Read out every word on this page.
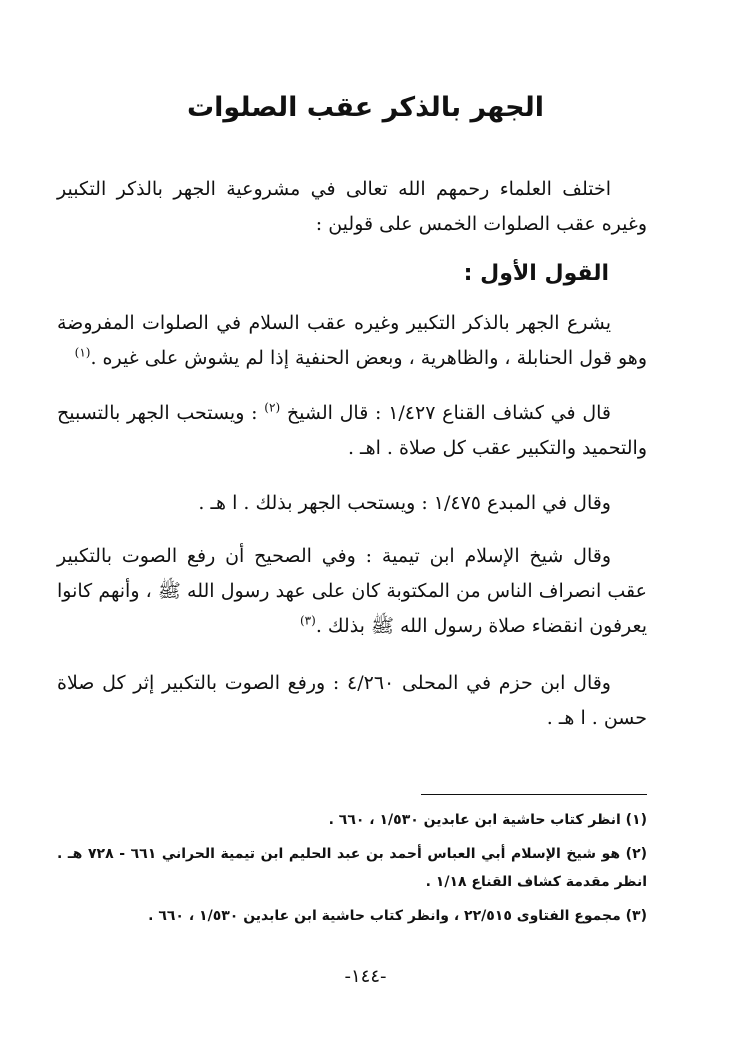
الجهر بالذكر عقب الصلوات
اختلف العلماء رحمهم الله تعالى في مشروعية الجهر بالذكر التكبير وغيره عقب الصلوات الخمس على قولين :
القول الأول :
يشرع الجهر بالذكر التكبير وغيره عقب السلام في الصلوات المفروضة وهو قول الحنابلة ، والظاهرية ، وبعض الحنفية إذا لم يشوش على غيره .$^{(١)}$
قال في كشاف القناع ١/٤٢٧ : قال الشيخ $^{(٢)}$ : ويستحب الجهر بالتسبيح والتحميد والتكبير عقب كل صلاة . اهـ .
وقال في المبدع ١/٤٧٥ : ويستحب الجهر بذلك . ا هـ .
وقال شيخ الإسلام ابن تيمية : وفي الصحيح أن رفع الصوت بالتكبير عقب انصراف الناس من المكتوبة كان على عهد رسول الله ﷺ ، وأنهم كانوا يعرفون انقضاء صلاة رسول الله ﷺ بذلك .$^{(٣)}$
وقال ابن حزم في المحلى ٤/٢٦٠ : ورفع الصوت بالتكبير إثر كل صلاة حسن . ا هـ .
(١) انظر كتاب حاشية ابن عابدين ١/٥٣٠ ، ٦٦٠ .
(٢) هو شيخ الإسلام أبي العباس أحمد بن عبد الحليم ابن تيمية الحراني ٦٦١ - ٧٢٨ هـ . انظر مقدمة كشاف القناع ١/١٨ .
(٣) مجموع الفتاوى ٢٢/٥١٥ ، وانظر كتاب حاشية ابن عابدين ١/٥٣٠ ، ٦٦٠ .
-١٤٤-
